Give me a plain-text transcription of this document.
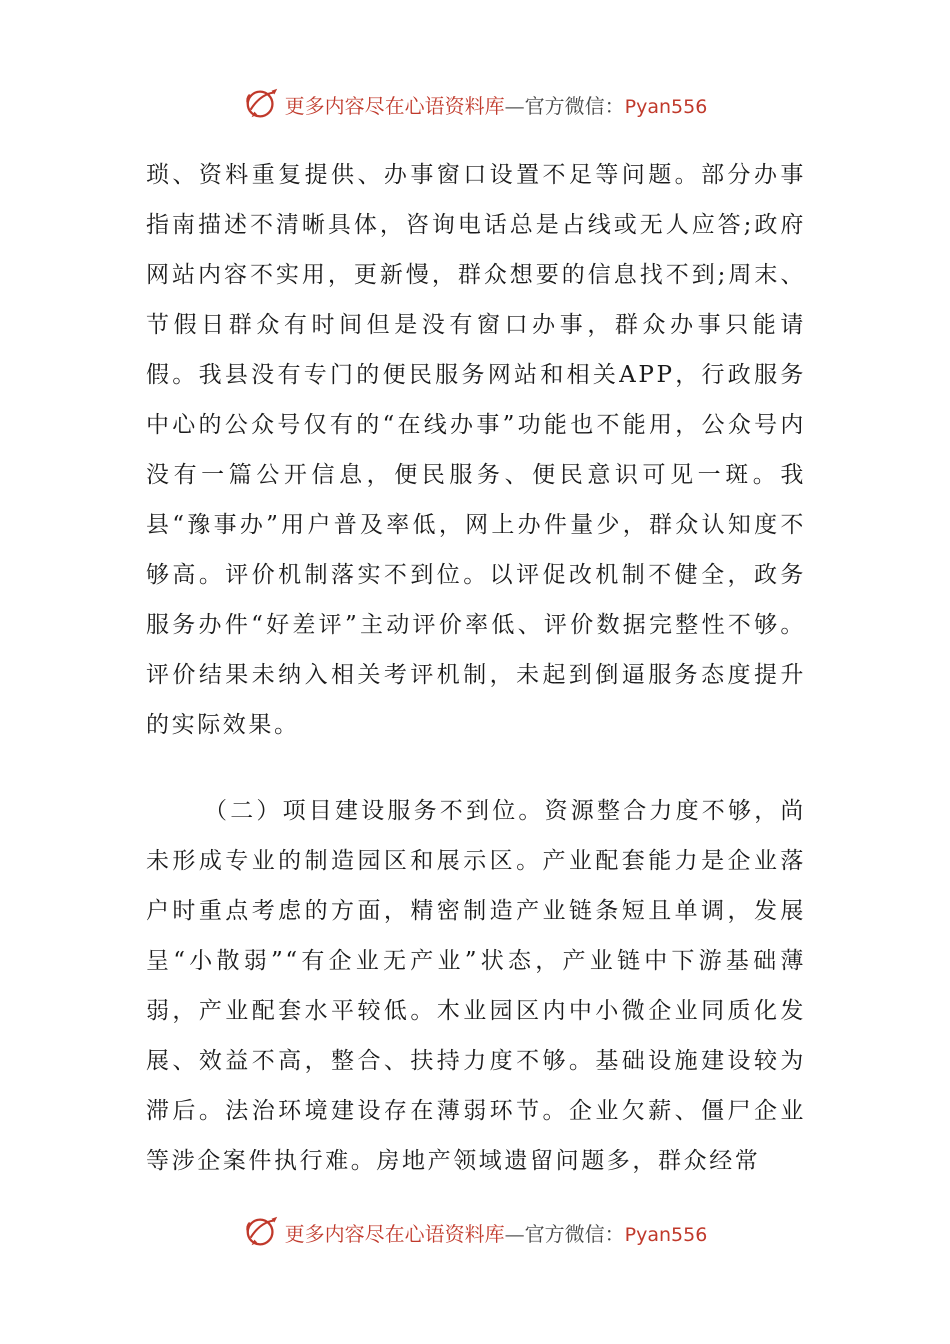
更多内容尽在心语资料库—官方微信：Pyan556

琐、资料重复提供、办事窗口设置不足等问题。部分办事指南描述不清晰具体，咨询电话总是占线或无人应答;政府网站内容不实用，更新慢，群众想要的信息找不到;周末、节假日群众有时间但是没有窗口办事，群众办事只能请假。我县没有专门的便民服务网站和相关APP，行政服务中心的公众号仅有的“在线办事”功能也不能用，公众号内没有一篇公开信息，便民服务、便民意识可见一斑。我县“豫事办”用户普及率低，网上办件量少，群众认知度不够高。评价机制落实不到位。以评促改机制不健全，政务服务办件“好差评”主动评价率低、评价数据完整性不够。评价结果未纳入相关考评机制，未起到倒逼服务态度提升的实际效果。

（二）项目建设服务不到位。资源整合力度不够，尚未形成专业的制造园区和展示区。产业配套能力是企业落户时重点考虑的方面，精密制造产业链条短且单调，发展呈“小散弱”“有企业无产业”状态，产业链中下游基础薄弱，产业配套水平较低。木业园区内中小微企业同质化发展、效益不高，整合、扶持力度不够。基础设施建设较为滞后。法治环境建设存在薄弱环节。企业欠薪、僵尸企业等涉企案件执行难。房地产领域遗留问题多，群众经常

更多内容尽在心语资料库—官方微信：Pyan556
